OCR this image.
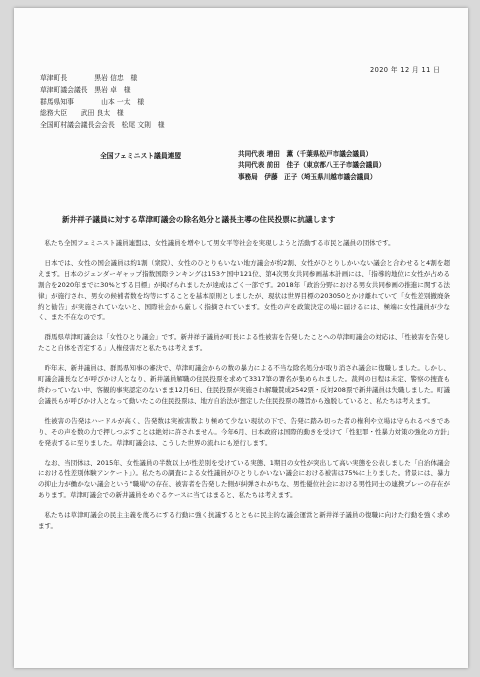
2020 年 12 月 11 日
草津町長　　　　黒岩 信忠　様
草津町議会議長　黒岩 卓　様
群馬県知事　　　　山本 一太　様
総務大臣　　武田 良太　様
全国町村議会議長会会長　松尾 文則　様
全国フェミニスト議員連盟	共同代表 増田　薫（千葉県松戸市議会議員）
共同代表 前田　佳子（東京都八王子市議会議員）
事務局　伊藤　正子（埼玉県川越市議会議員）
新井祥子議員に対する草津町議会の除名処分と議長主導の住民投票に抗議します

私たち全国フェミニスト議員連盟は、女性議員を増やして男女平等社会を実現しようと活動する市民と議員の団体です。

日本では、女性の国会議員は約1割（衆院）、女性のひとりもいない地方議会が約2割、女性がひとりしかいない議会と合わせると4割を超えます。日本のジェンダーギャップ指数国際ランキングは153ケ国中121位、第4次男女共同参画基本計画には、「指導的地位に女性が占める割合を2020年までに30%とする目標」が掲げられましたが達成はごく一部です。2018年「政治分野における男女共同参画の推進に関する法律」が施行され、男女の候補者数を均等にすることを基本原則としましたが、現状は世界目標の203050とかけ離れていて「女性差別撤廃条約と勧告」が実施されていないと、国際社会から厳しく指摘されています。女性の声を政策決定の場に届けるには、極端に女性議員が少なく、また不在なのです。

群馬県草津町議会は「女性ひとり議会」です。新井祥子議員が町長による性被害を告発したことへの草津町議会の対応は、「性被害を告発したこと自体を否定する」人権侵害だと私たちは考えます。

昨年末、新井議員は、群馬県知事の審決で、草津町議会からの数の暴力による不当な除名処分が取り消され議会に復職しました。しかし、町議会議長などが呼びかけ人となり、新井議員解職の住民投票を求めて3317筆の署名が集められました。裁判の日程は未定、警察の捜査も終わっていない中、客観的事実認定のないまま12月6日、住民投票が実施され解職賛成2542票・反対208票で新井議員は失職しました。町議会議長らが呼びかけ人となって動いたこの住民投票は、地方自治法が想定した住民投票の趣旨から逸脱していると、私たちは考えます。

性被害の告発はハードルが高く、告発数は実被害数より極めて少ない現状の下で、告発に踏み切った者の権利や立場は守られるべきであり、その声を数の力で押しつぶすことは絶対に許されません。今年6月、日本政府は国際的動きを受けて「性犯罪・性暴力対策の強化の方針」を発表するに至りました。草津町議会は、こうした世界の流れにも逆行します。

なお、当団体は、2015年、女性議員の半数以上が性差別を受けている実態、1期目の女性が突出して高い実態を公表しました「自治体議会における性差別体験アンケート」）。私たちの調査による女性議員がひとりしかいない議会における被害は75%に上りました。背景には、暴力の抑止力が働かない議会という"職場"の存在、被害者を告発した側が糾弾されがちな、男性優位社会における男性同士の連携プレーの存在があります。草津町議会での新井議員をめぐるケースに当てはまると、私たちは考えます。

私たちは草津町議会の民主主義を蔑ろにする行動に強く抗議するとともに民主的な議会運営と新井祥子議員の復職に向けた行動を強く求めます。
